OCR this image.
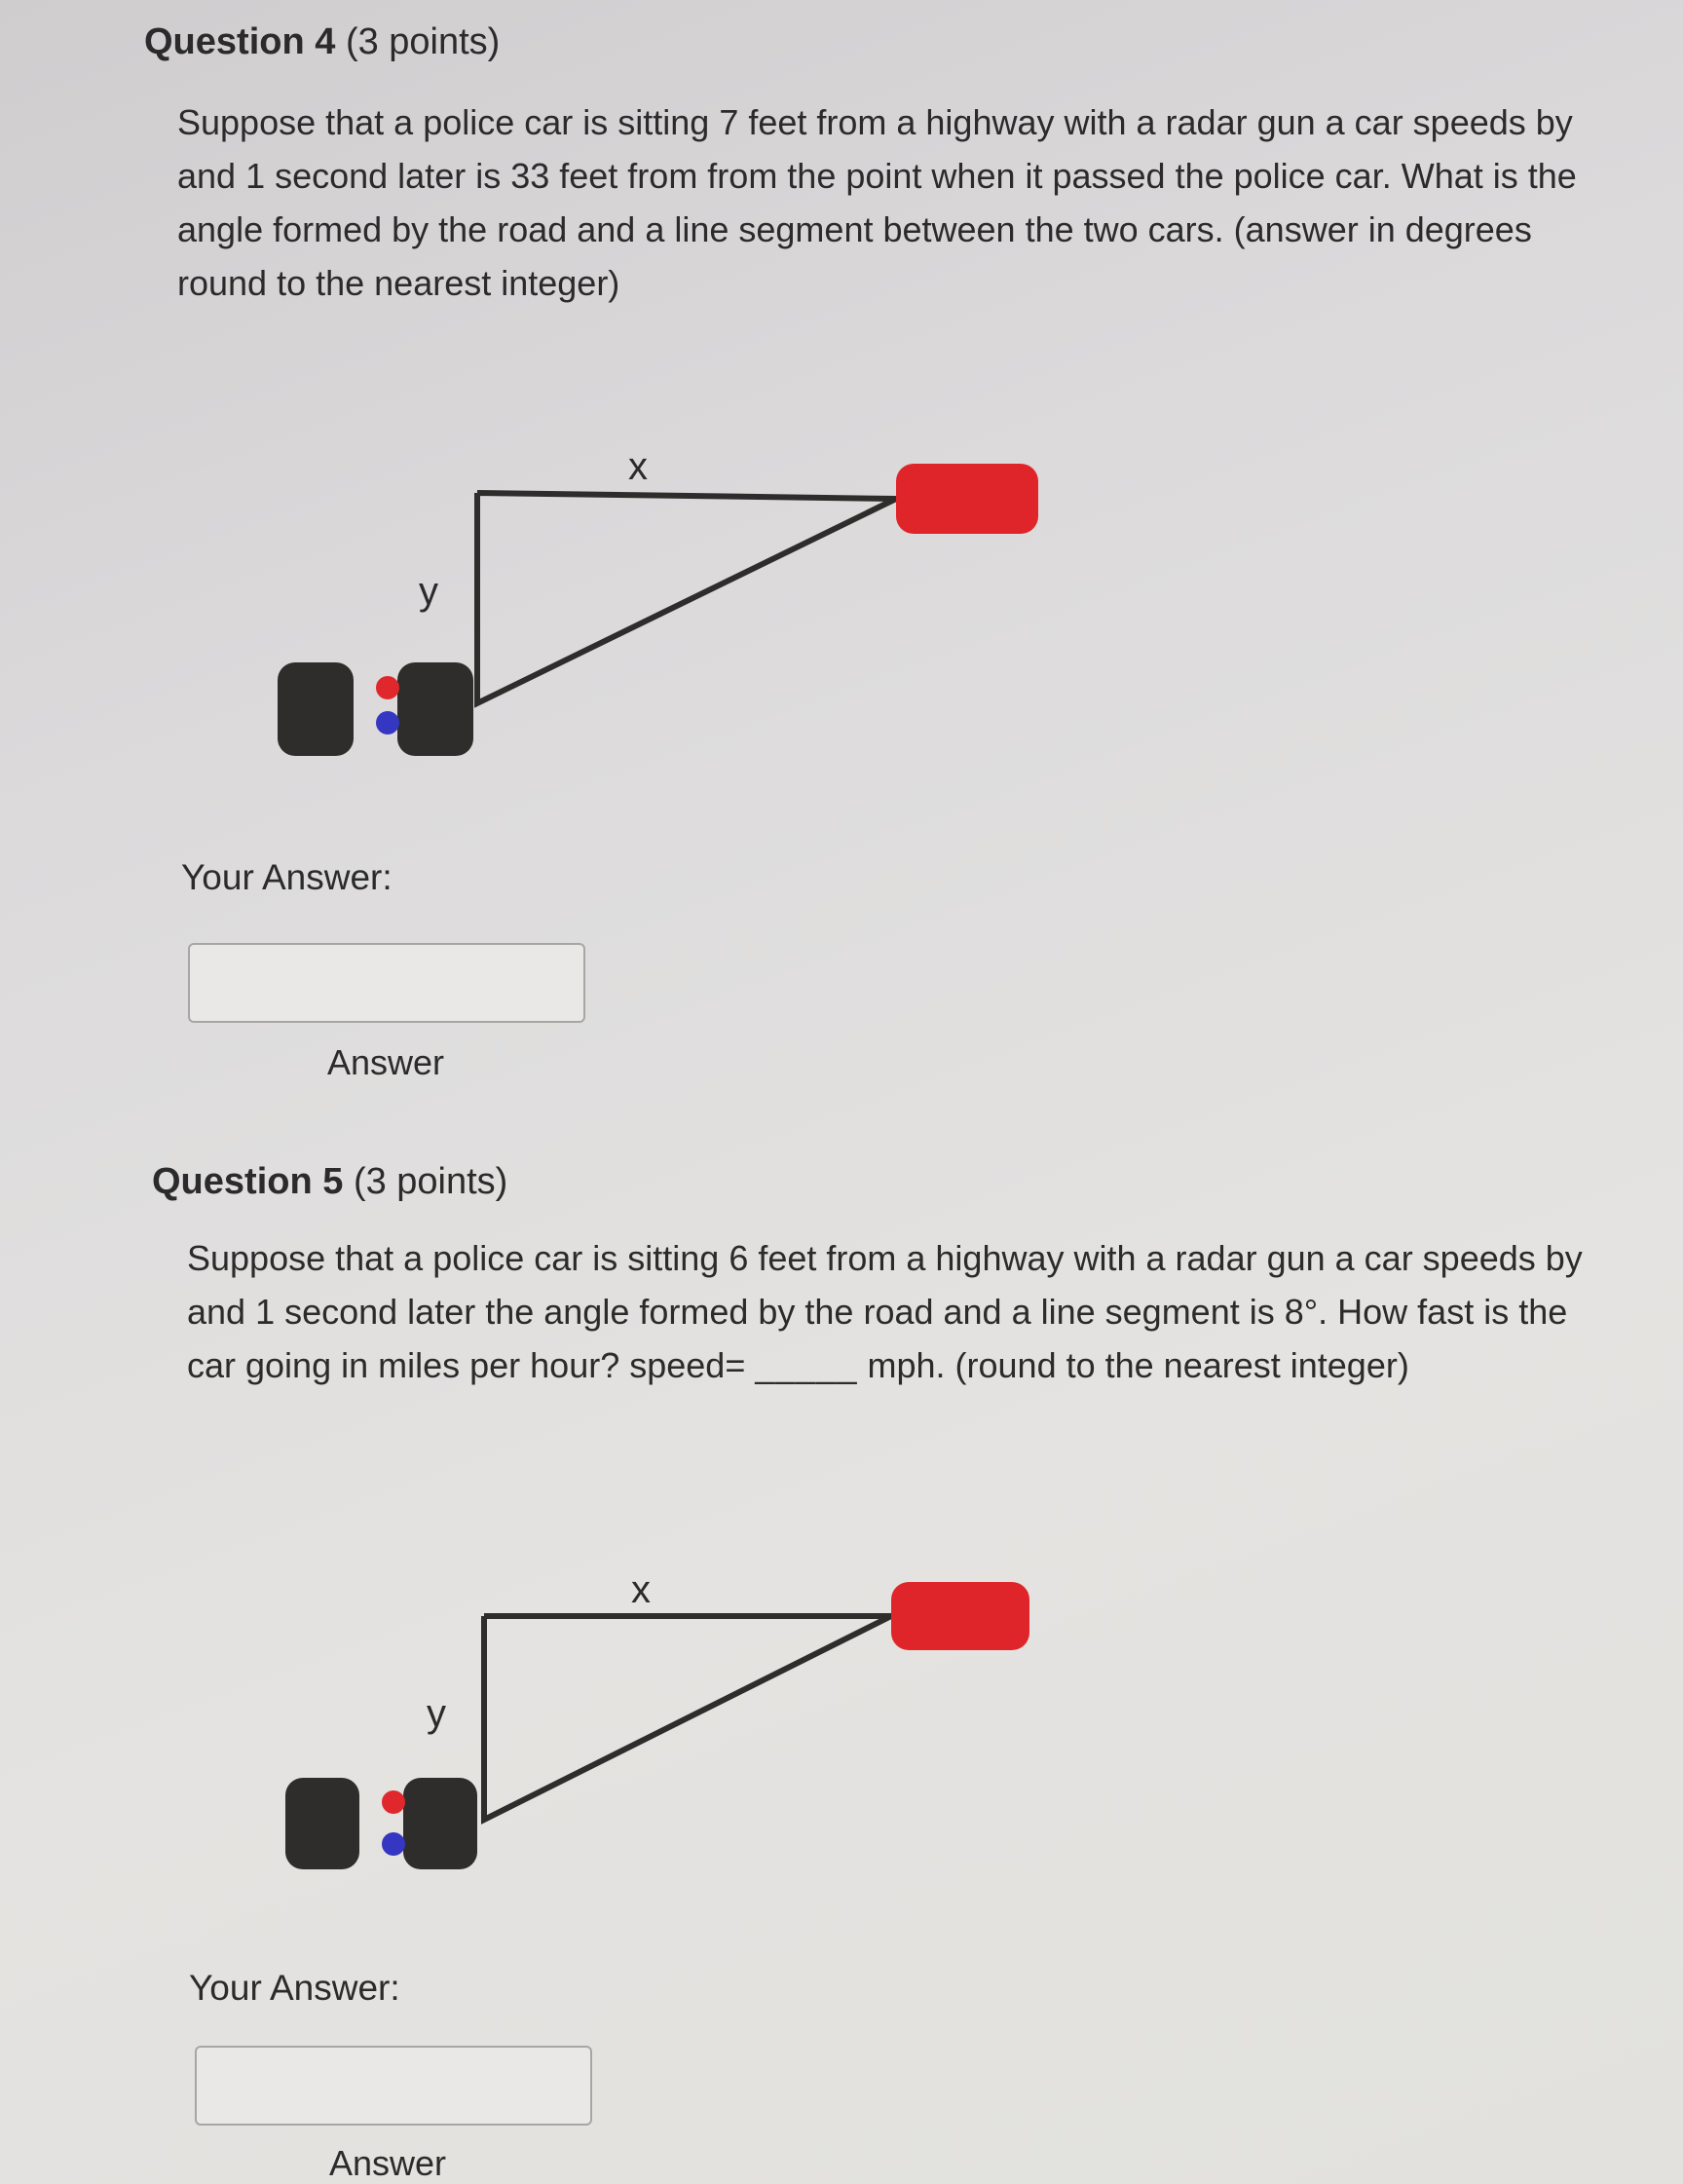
Question 4 (3 points)
Suppose that a police car is sitting 7 feet from a highway with a radar gun a car speeds by and 1 second later is 33 feet from from the point when it passed the police car. What is the angle formed by the road and a line segment between the two cars. (answer in degrees round to the nearest integer)
x
y
Your Answer:
Answer
Question 5 (3 points)
Suppose that a police car is sitting 6 feet from a highway with a radar gun a car speeds by and 1 second later the angle formed by the road and a line segment is 8°. How fast is the car going in miles per hour? speed= _____ mph. (round to the nearest integer)
x
y
Your Answer:
Answer
